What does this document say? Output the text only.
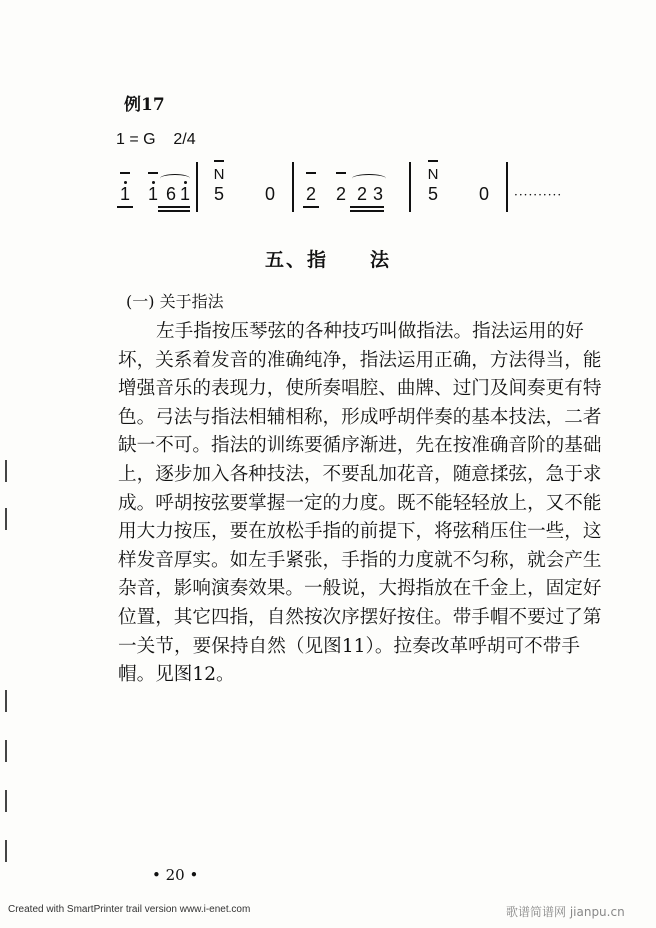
例17
1 = G 2/4
1 1 6 1
N
5	0	2	2 2 3
N
5	0	··········
五、指　　法
(一) 关于指法
左手指按压琴弦的各种技巧叫做指法。指法运用的好
坏，关系着发音的准确纯净，指法运用正确，方法得当，能
增强音乐的表现力，使所奏唱腔、曲牌、过门及间奏更有特
色。弓法与指法相辅相称，形成呼胡伴奏的基本技法，二者
缺一不可。指法的训练要循序渐进，先在按准确音阶的基础
上，逐步加入各种技法，不要乱加花音，随意揉弦，急于求
成。呼胡按弦要掌握一定的力度。既不能轻轻放上，又不能
用大力按压，要在放松手指的前提下，将弦稍压住一些，这
样发音厚实。如左手紧张，手指的力度就不匀称，就会产生
杂音，影响演奏效果。一般说，大拇指放在千金上，固定好
位置，其它四指，自然按次序摆好按住。带手帽不要过了第
一关节，要保持自然（见图11）。拉奏改革呼胡可不带手
帽。见图12。
• 20 •
Created with SmartPrinter trail version www.i-enet.com	歌谱简谱网 jianpu.cn
